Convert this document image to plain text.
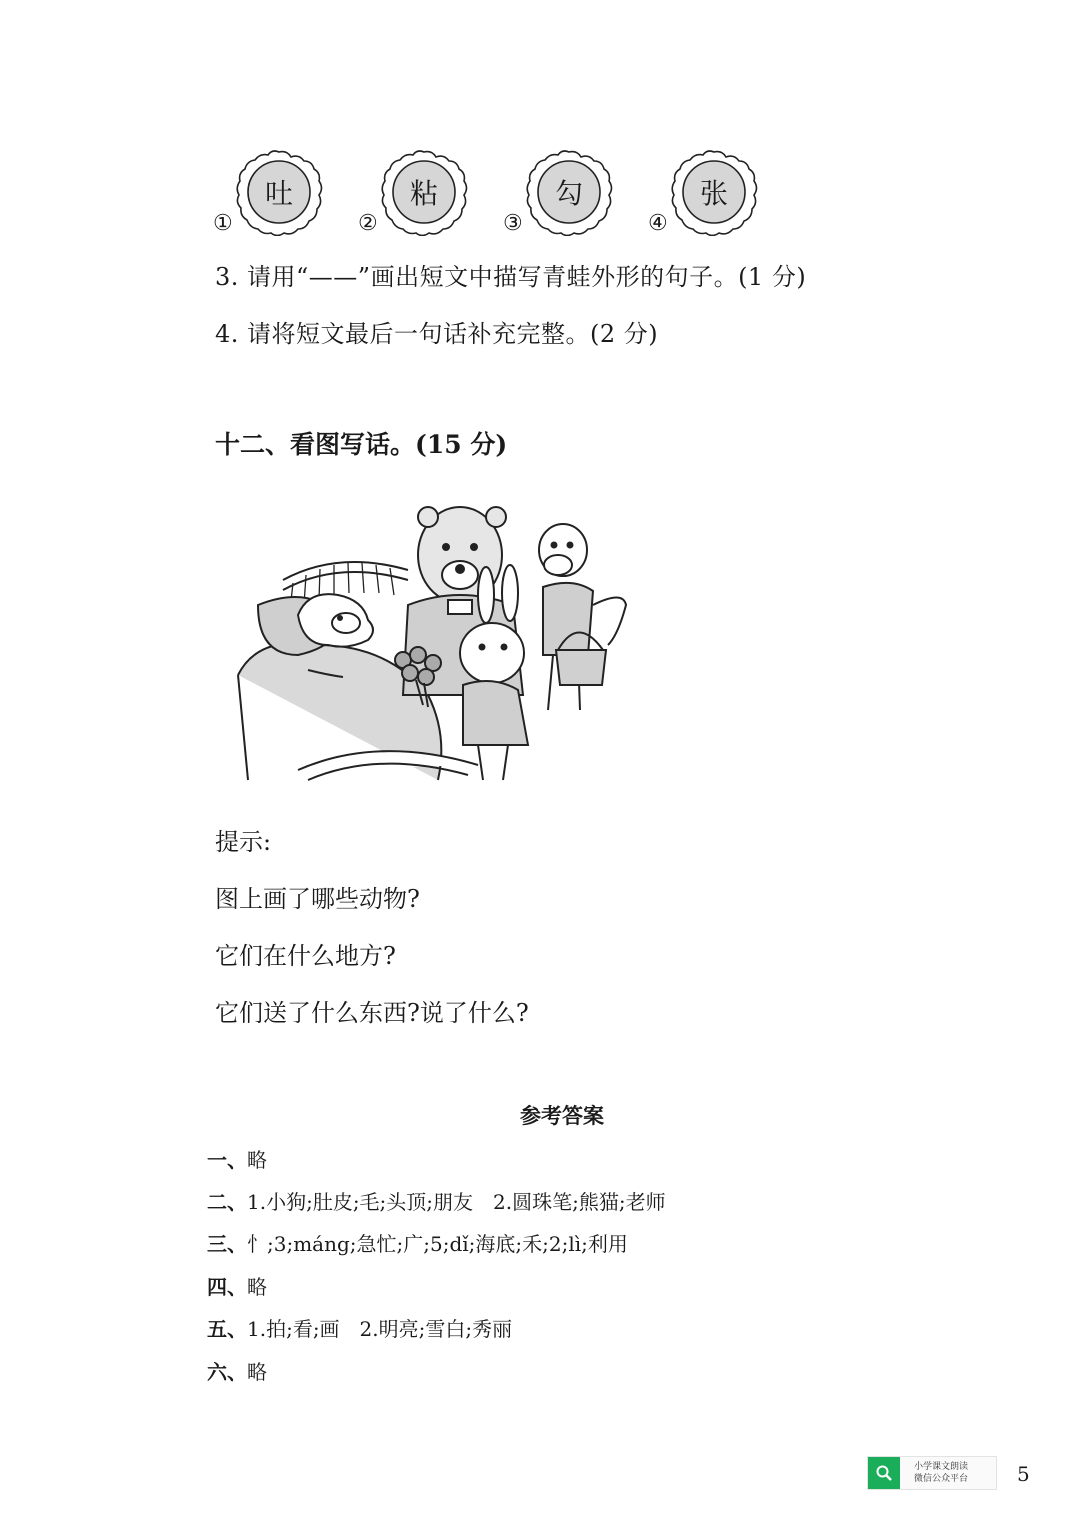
①
吐
②
粘
③
勾
④
张
3. 请用“——”画出短文中描写青蛙外形的句子。(1 分)
4. 请将短文最后一句话补充完整。(2 分)
十二、看图写话。(15 分)
提示:
图上画了哪些动物?
它们在什么地方?
它们送了什么东西?说了什么?
参考答案
一、略
二、1.小狗;肚皮;毛;头顶;朋友　2.圆珠笔;熊猫;老师
三、忄;3;máng;急忙;广;5;dǐ;海底;禾;2;lì;利用
四、略
五、1.拍;看;画　2.明亮;雪白;秀丽
六、略
小学课文朗读
微信公众平台 5
